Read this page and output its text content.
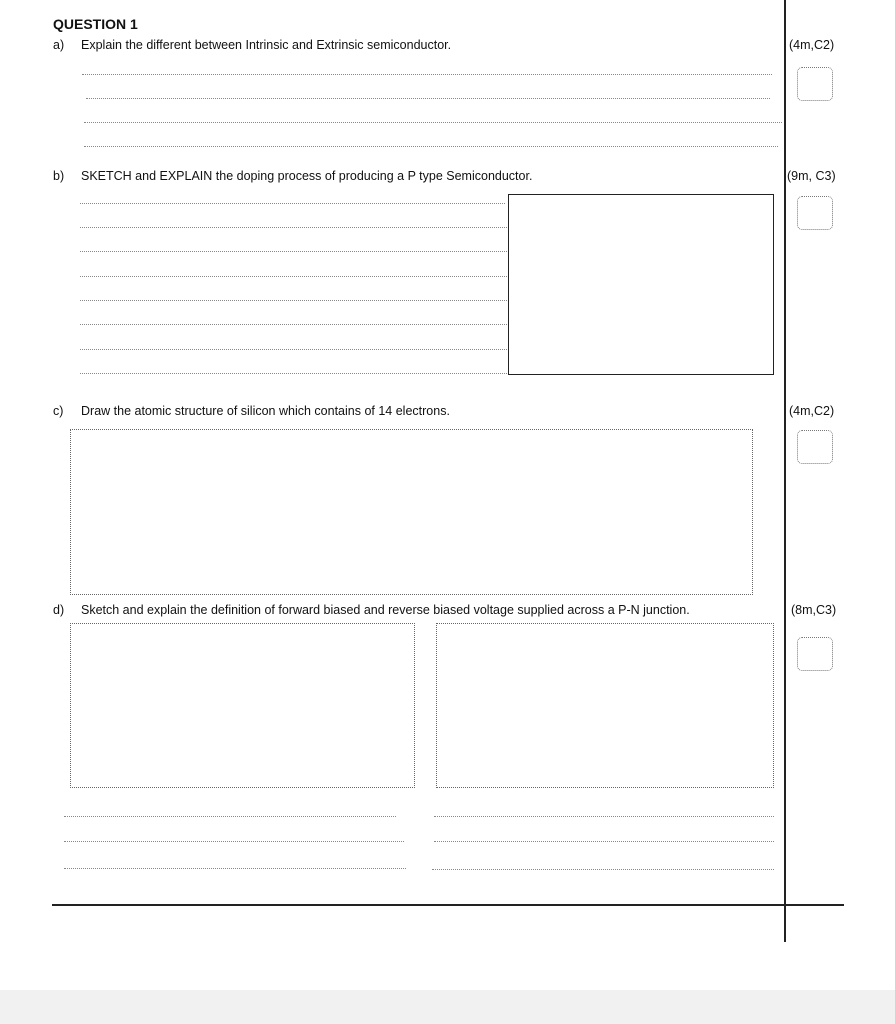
QUESTION 1
a) Explain the different between Intrinsic and Extrinsic semiconductor.	(4m,C2)
b) SKETCH and EXPLAIN the doping process of producing a P type Semiconductor.	(9m, C3)
c) Draw the atomic structure of silicon which contains of 14 electrons.	(4m,C2)
d) Sketch and explain the definition of forward biased and reverse biased voltage supplied across a P-N junction.	(8m,C3)
